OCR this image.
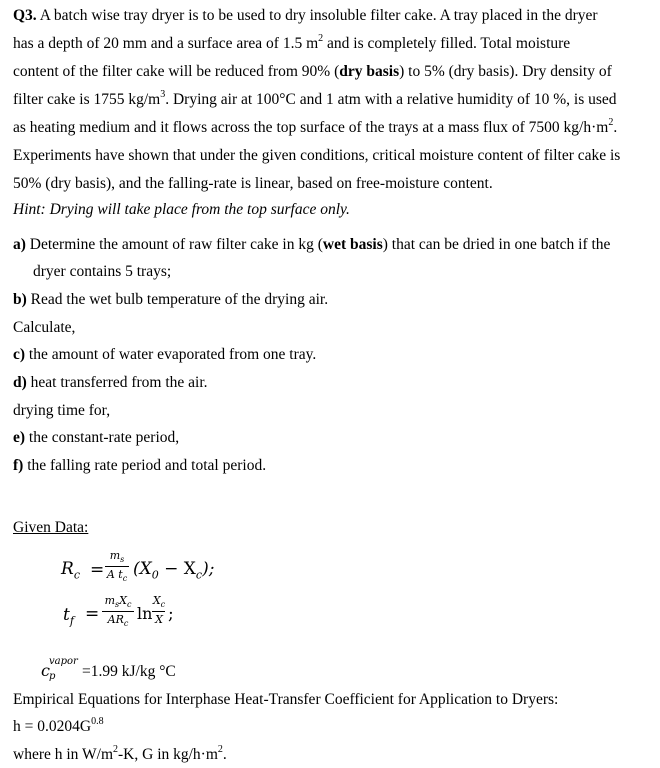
Q3. A batch wise tray dryer is to be used to dry insoluble filter cake. A tray placed in the dryer
has a depth of 20 mm and a surface area of 1.5 $m^2$ and is completely filled. Total moisture
content of the filter cake will be reduced from 90% (dry basis) to 5% (dry basis). Dry density of
filter cake is 1755 $kg/m^3$. Drying air at 100°C and 1 atm with a relative humidity of 10 %, is used
as heating medium and it flows across the top surface of the trays at a mass flux of 7500 $kg/h\cdot m^2$.
Experiments have shown that under the given conditions, critical moisture content of filter cake is
50% (dry basis), and the falling-rate is linear, based on free-moisture content.
Hint: Drying will take place from the top surface only.
a) Determine the amount of raw filter cake in kg (wet basis) that can be dried in one batch if the
dryer contains 5 trays;
b) Read the wet bulb temperature of the drying air.
Calculate,
c) the amount of water evaporated from one tray.
d) heat transferred from the air.
drying time for,
e) the constant-rate period,
f) the falling rate period and total period.
Given Data:
$R_c$ =
$m_s$
A $t_c$ $(X_0 - X_c)$;
$t_f$ =
$m_sX_c$
$AR_c$
ln
$X_c$
X ;
c vapor
p =1.99 kJ/kg °C
Empirical Equations for Interphase Heat-Transfer Coefficient for Application to Dryers:
$h = 0.0204G^{0.8}$
where h in $W/m^2-K$, G in $kg/h\cdot m^2$.
